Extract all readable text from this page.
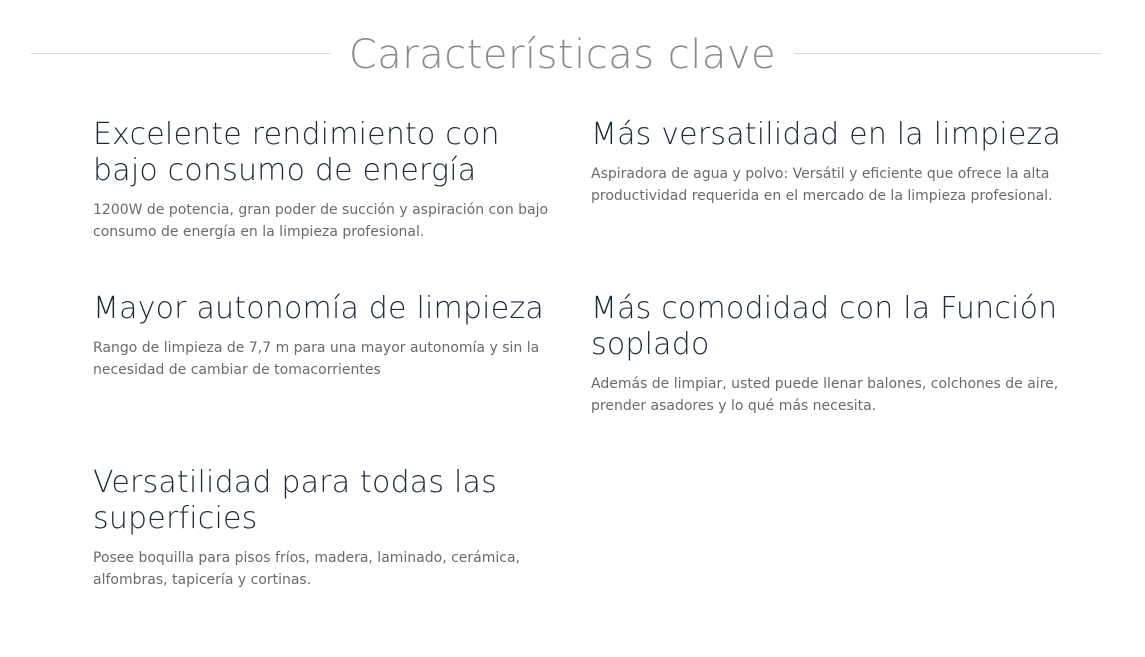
Características clave
Excelente rendimiento con bajo consumo de energía

1200W de potencia, gran poder de succión y aspiración con bajo consumo de energía en la limpieza profesional.

Más versatilidad en la limpieza

Aspiradora de agua y polvo: Versátil y eficiente que ofrece la alta productividad requerida en el mercado de la limpieza profesional.

Mayor autonomía de limpieza

Rango de limpieza de 7,7 m para una mayor autonomía y sin la necesidad de cambiar de tomacorrientes

Más comodidad con la Función soplado

Además de limpiar, usted puede llenar balones, colchones de aire, prender asadores y lo qué más necesita.

Versatilidad para todas las superficies

Posee boquilla para pisos fríos, madera, laminado, cerámica, alfombras, tapicería y cortinas.
